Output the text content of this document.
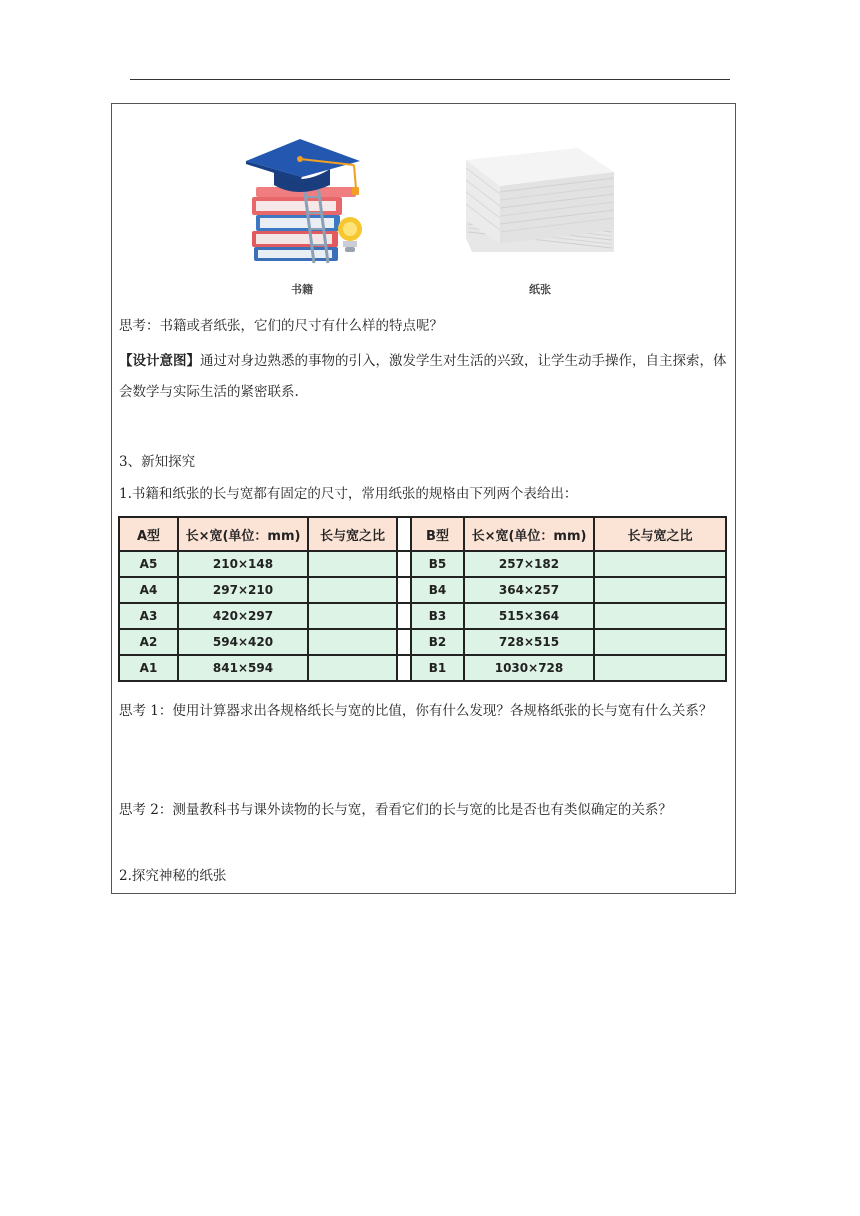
书籍	纸张

思考：书籍或者纸张，它们的尺寸有什么样的特点呢？

【设计意图】通过对身边熟悉的事物的引入，激发学生对生活的兴致，让学生动手操作，自主探索，体会数学与实际生活的紧密联系.

3、新知探究

1.书籍和纸张的长与宽都有固定的尺寸，常用纸张的规格由下列两个表给出：

A型	长×宽(单位：mm)	长与宽之比		B型	长×宽(单位：mm)	长与宽之比
A5	210×148			B5	257×182	
A4	297×210			B4	364×257	
A3	420×297			B3	515×364	
A2	594×420			B2	728×515	
A1	841×594			B1	1030×728	

思考 1：使用计算器求出各规格纸长与宽的比值，你有什么发现？各规格纸张的长与宽有什么关系？

思考 2：测量教科书与课外读物的长与宽，看看它们的长与宽的比是否也有类似确定的关系？

2.探究神秘的纸张
